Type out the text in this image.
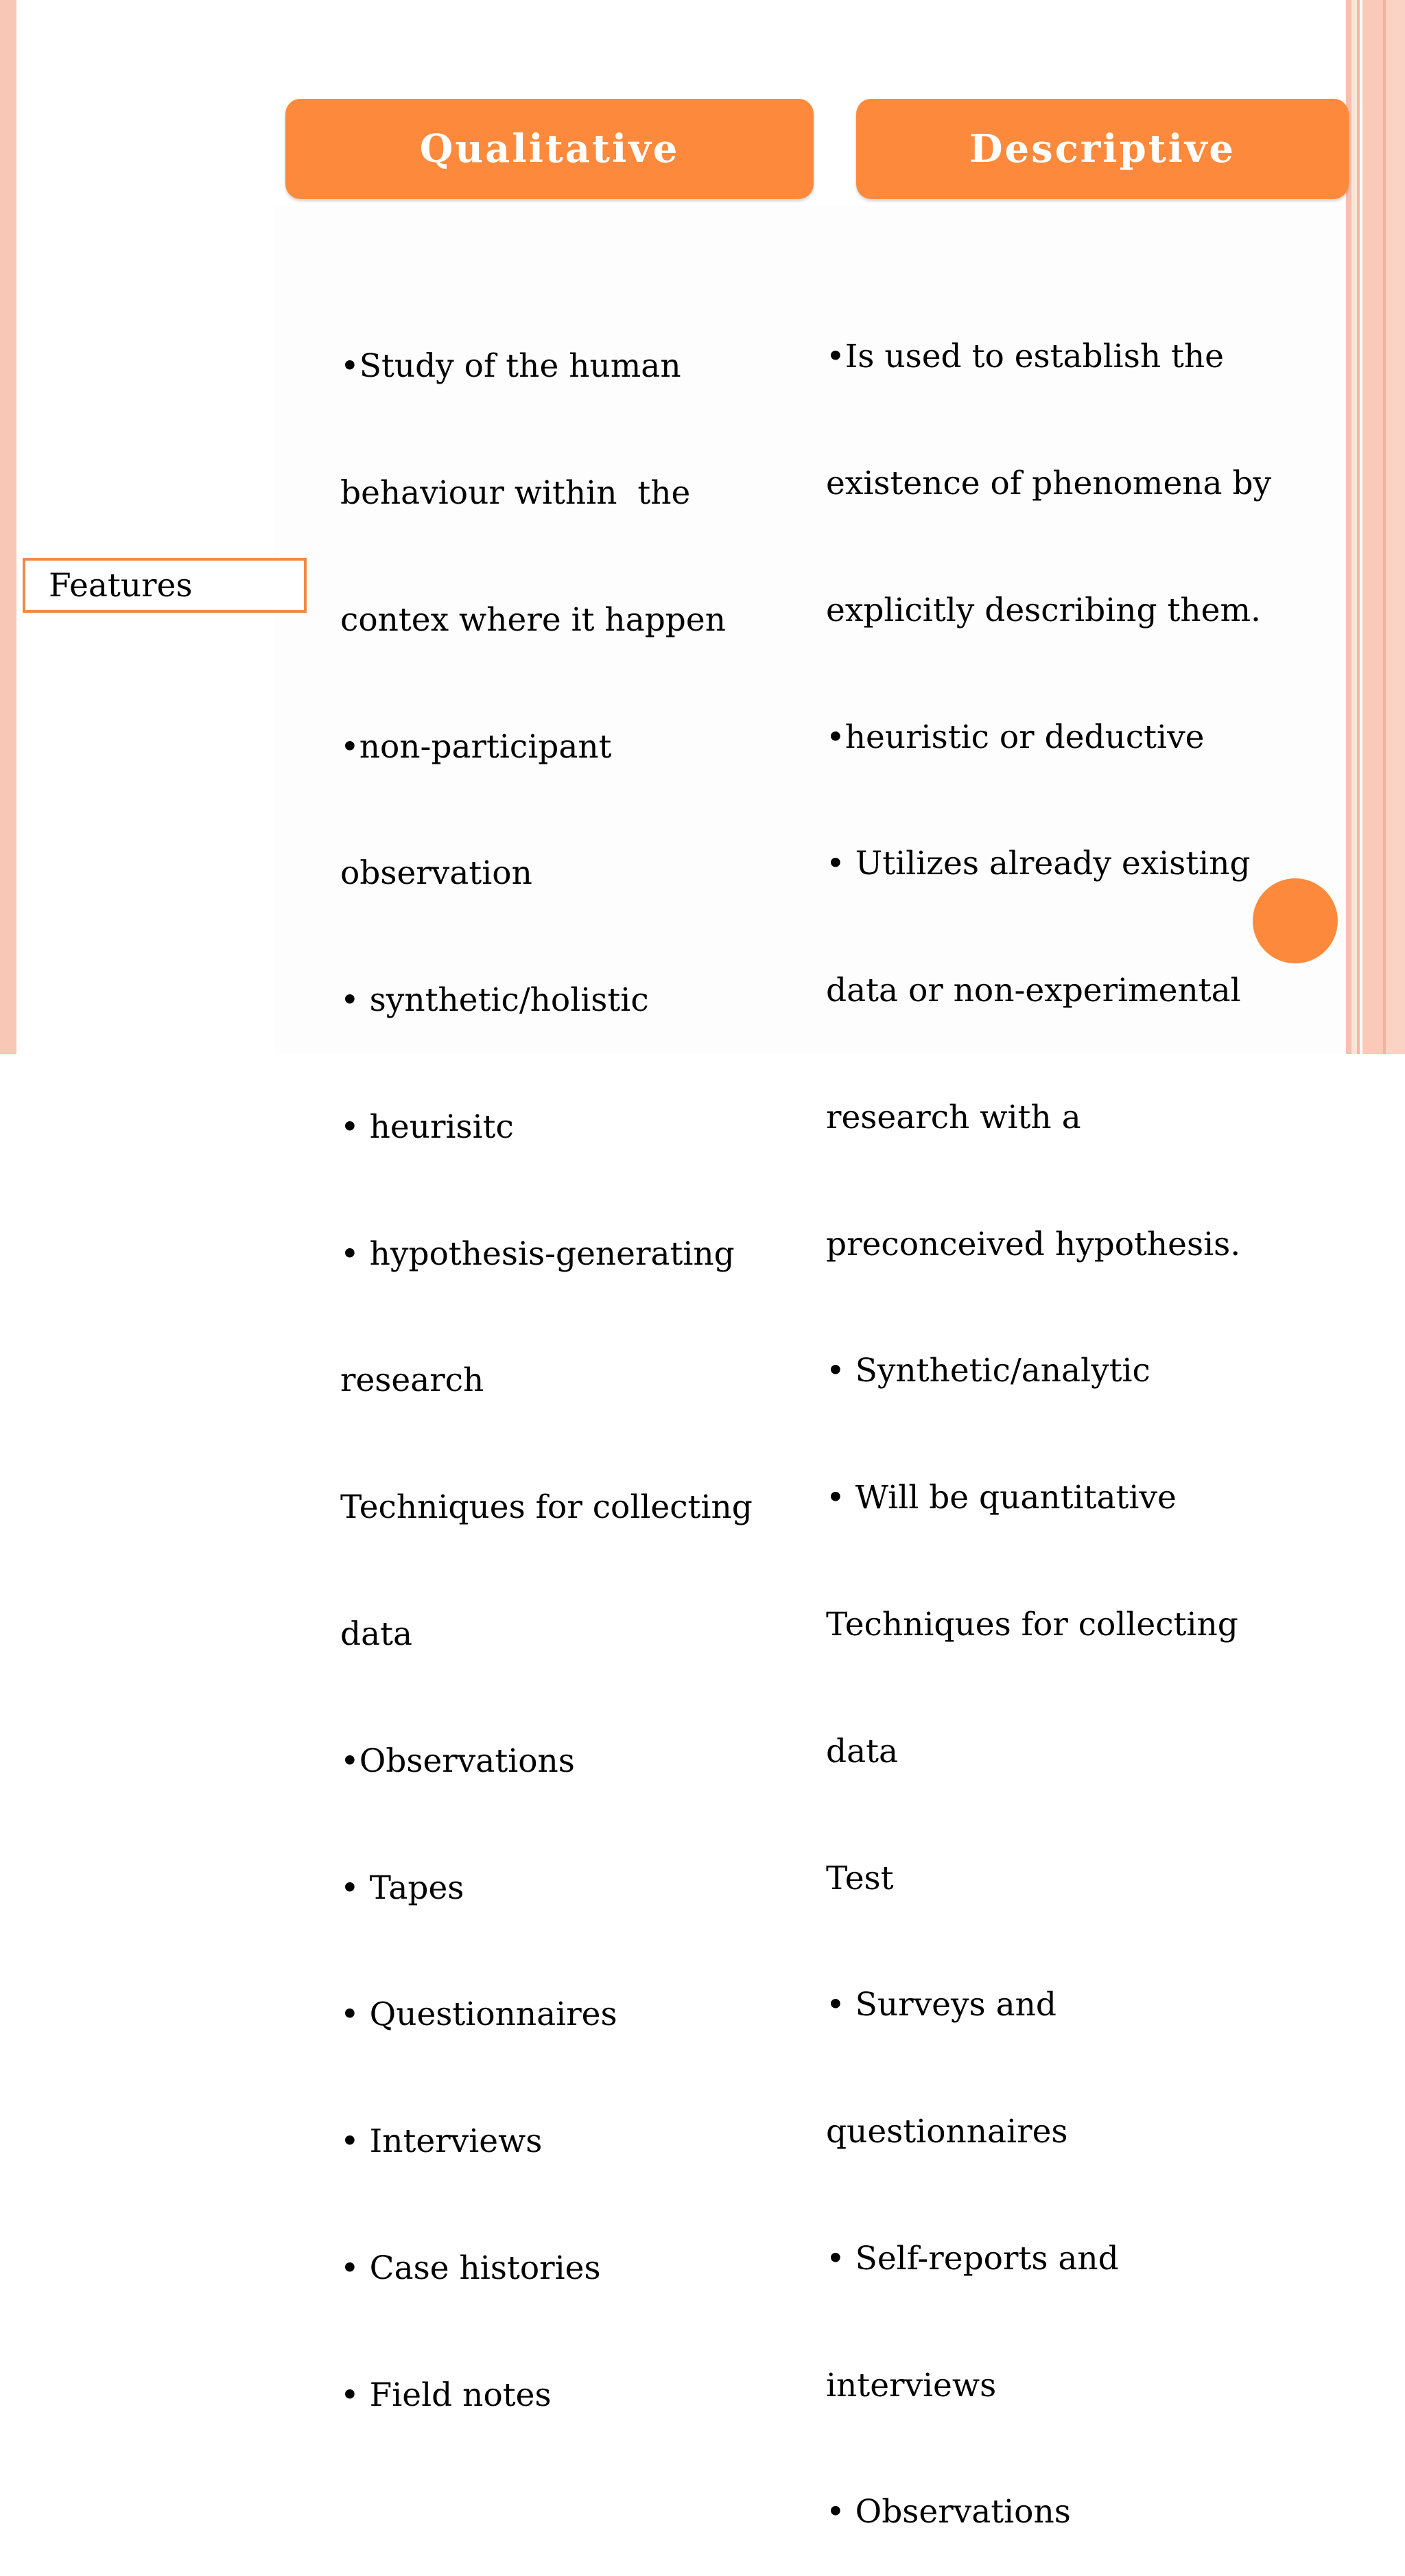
Qualitative	Descriptive
Features

•Study of the human

behaviour within  the

contex where it happen

•non-participant

observation

• synthetic/holistic

• heurisitc

• hypothesis-generating

research

Techniques for collecting

data

•Observations

• Tapes

• Questionnaires

• Interviews

• Case histories

• Field notes

•Is used to establish the

existence of phenomena by

explicitly describing them.

•heuristic or deductive

• Utilizes already existing

data or non-experimental

research with a

preconceived hypothesis.

• Synthetic/analytic

• Will be quantitative

Techniques for collecting

data

Test

• Surveys and

questionnaires

• Self-reports and

interviews

• Observations
